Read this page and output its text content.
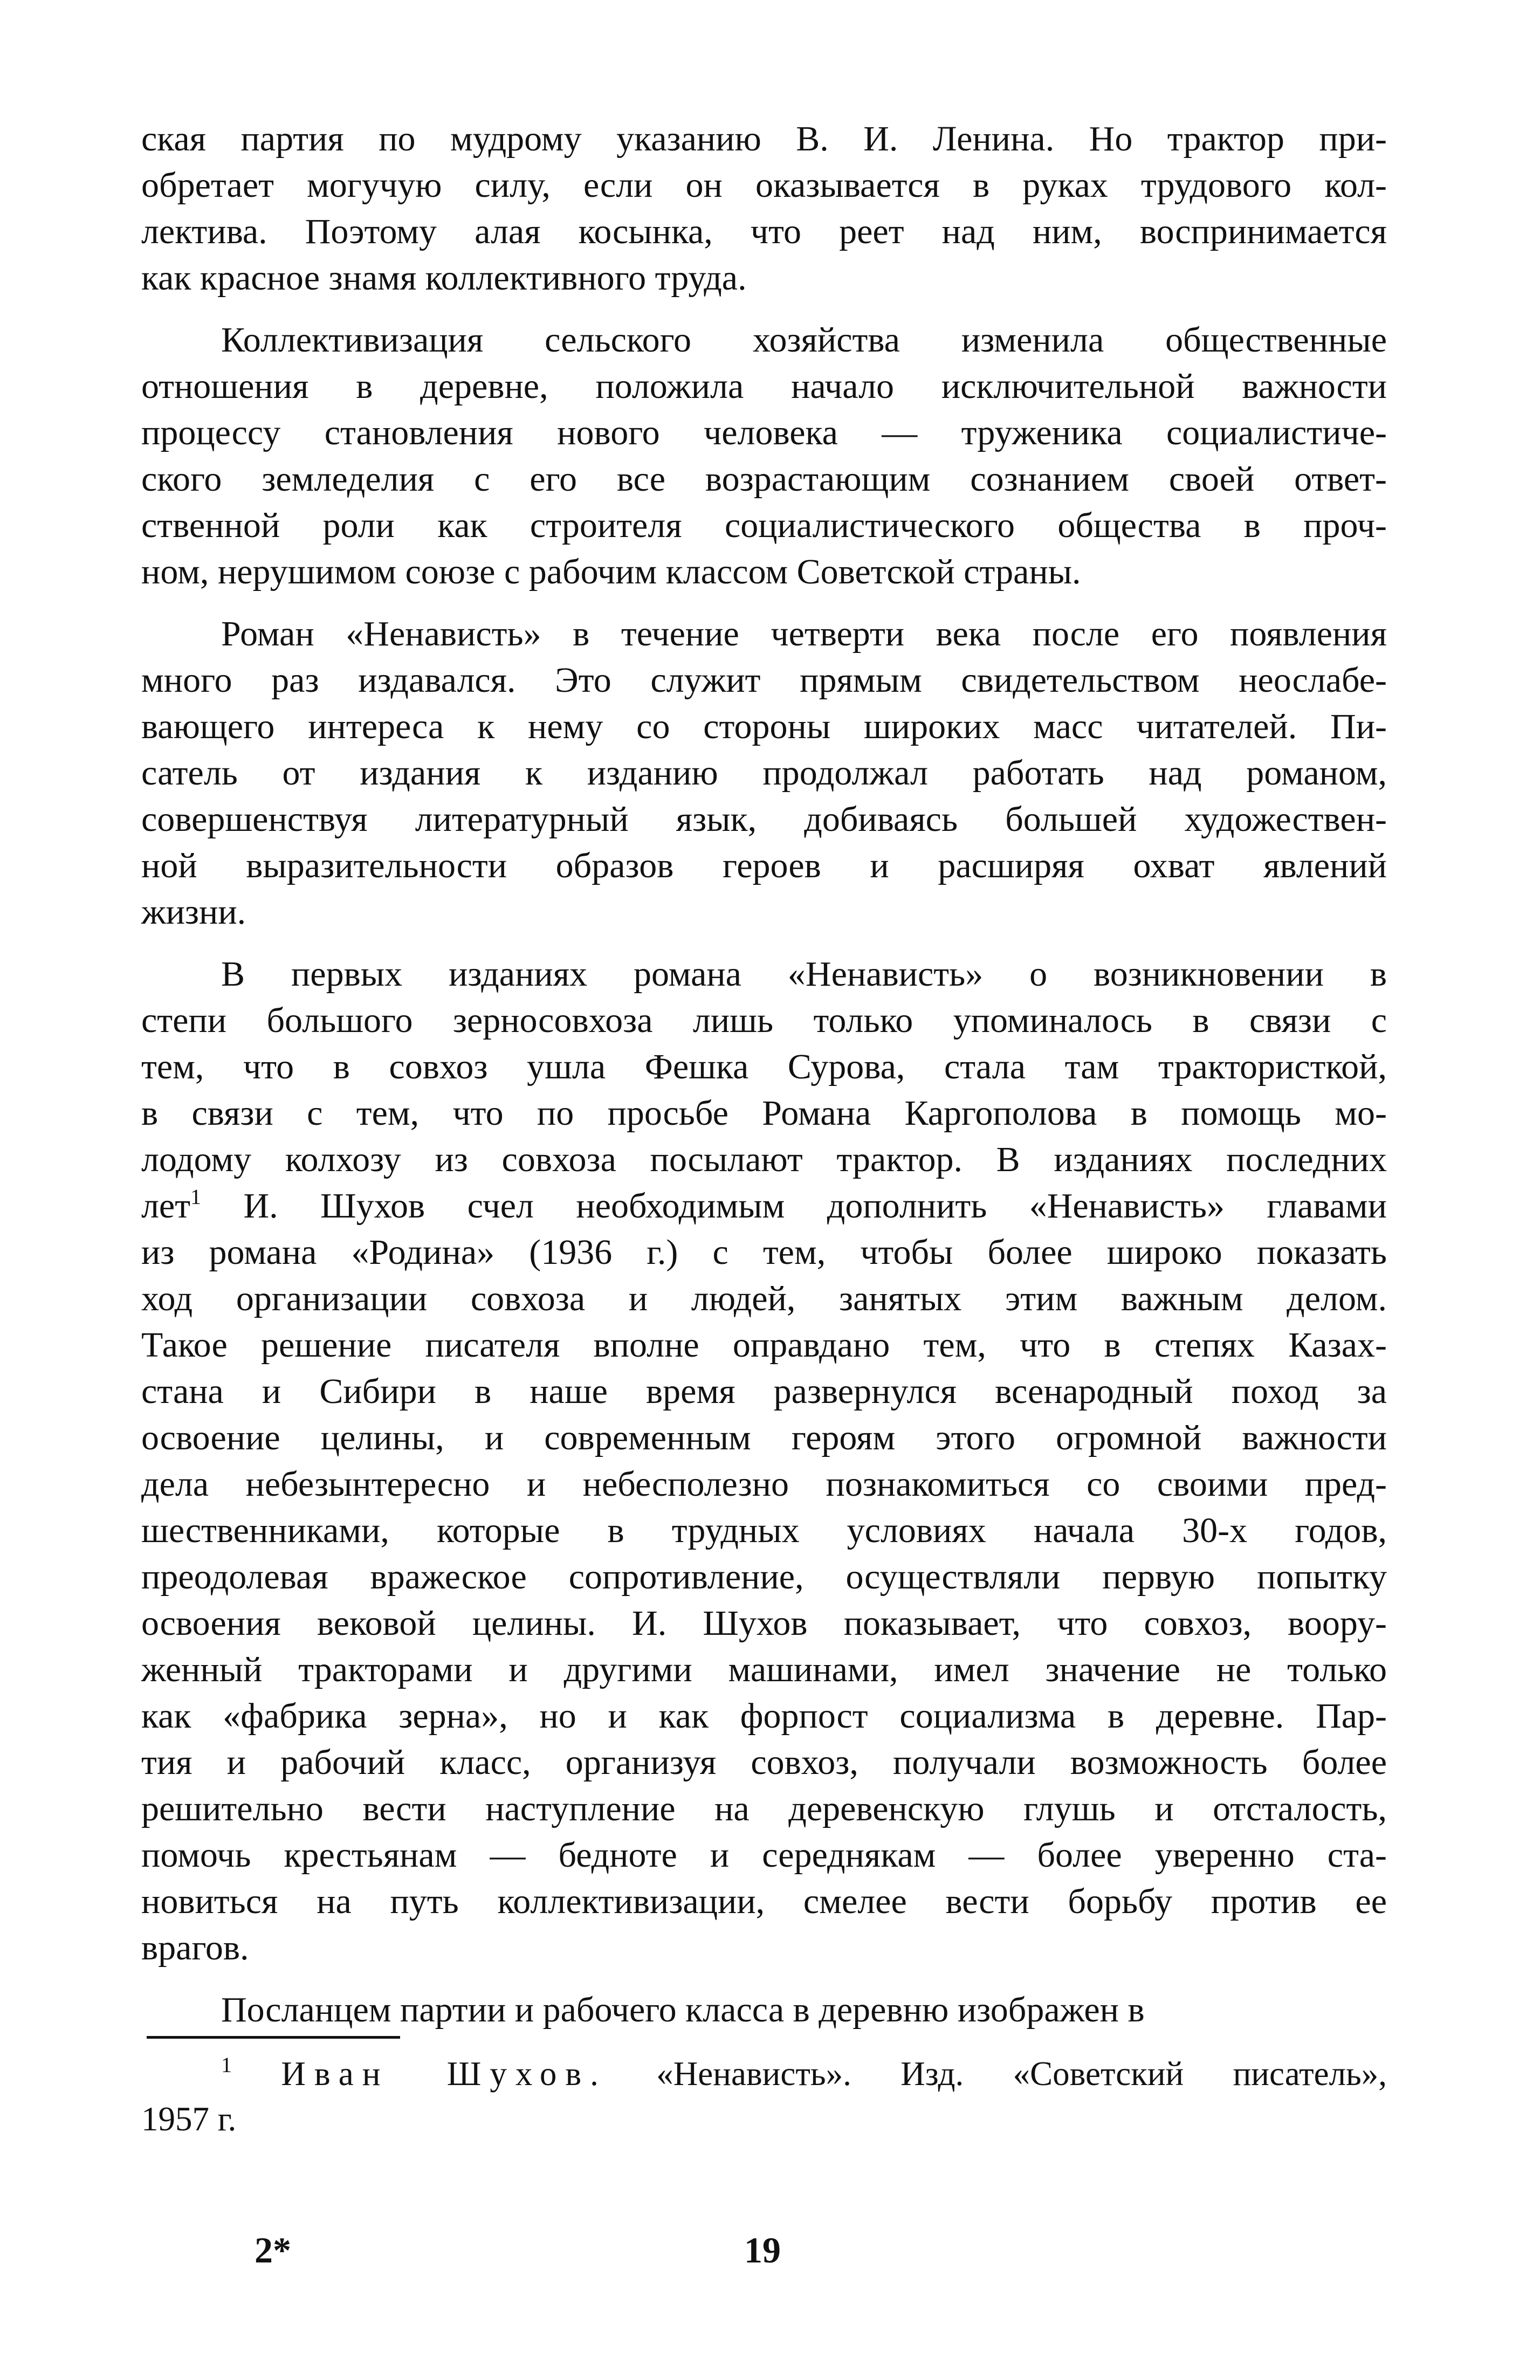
ская партия по мудрому указанию В. И. Ленина. Но трактор при-
обретает могучую силу, если он оказывается в руках трудового кол-
лектива. Поэтому алая косынка, что реет над ним, воспринимается
как красное знамя коллективного труда.
Коллективизация сельского хозяйства изменила общественные
отношения в деревне, положила начало исключительной важности
процессу становления нового человека — труженика социалистиче-
ского земледелия с его все возрастающим сознанием своей ответ-
ственной роли как строителя социалистического общества в проч-
ном, нерушимом союзе с рабочим классом Советской страны.
Роман «Ненависть» в течение четверти века после его появления
много раз издавался. Это служит прямым свидетельством неослабе-
вающего интереса к нему со стороны широких масс читателей. Пи-
сатель от издания к изданию продолжал работать над романом,
совершенствуя литературный язык, добиваясь большей художествен-
ной выразительности образов героев и расширяя охват явлений
жизни.
В первых изданиях романа «Ненависть» о возникновении в
степи большого зерносовхоза лишь только упоминалось в связи с
тем, что в совхоз ушла Фешка Сурова, стала там трактористкой,
в связи с тем, что по просьбе Романа Каргополова в помощь мо-
лодому колхозу из совхоза посылают трактор. В изданиях последних
лет$^1$ И. Шухов счел необходимым дополнить «Ненависть» главами
из романа «Родина» (1936 г.) с тем, чтобы более широко показать
ход организации совхоза и людей, занятых этим важным делом.
Такое решение писателя вполне оправдано тем, что в степях Казах-
стана и Сибири в наше время развернулся всенародный поход за
освоение целины, и современным героям этого огромной важности
дела небезынтересно и небесполезно познакомиться со своими пред-
шественниками, которые в трудных условиях начала 30-х годов,
преодолевая вражеское сопротивление, осуществляли первую попытку
освоения вековой целины. И. Шухов показывает, что совхоз, воору-
женный тракторами и другими машинами, имел значение не только
как «фабрика зерна», но и как форпост социализма в деревне. Пар-
тия и рабочий класс, организуя совхоз, получали возможность более
решительно вести наступление на деревенскую глушь и отсталость,
помочь крестьянам — бедноте и середнякам — более уверенно ста-
новиться на путь коллективизации, смелее вести борьбу против ее
врагов.
Посланцем партии и рабочего класса в деревню изображен в
$^1$ Иван Шухов. «Ненависть». Изд. «Советский писатель»,
1957 г.
2*	19
